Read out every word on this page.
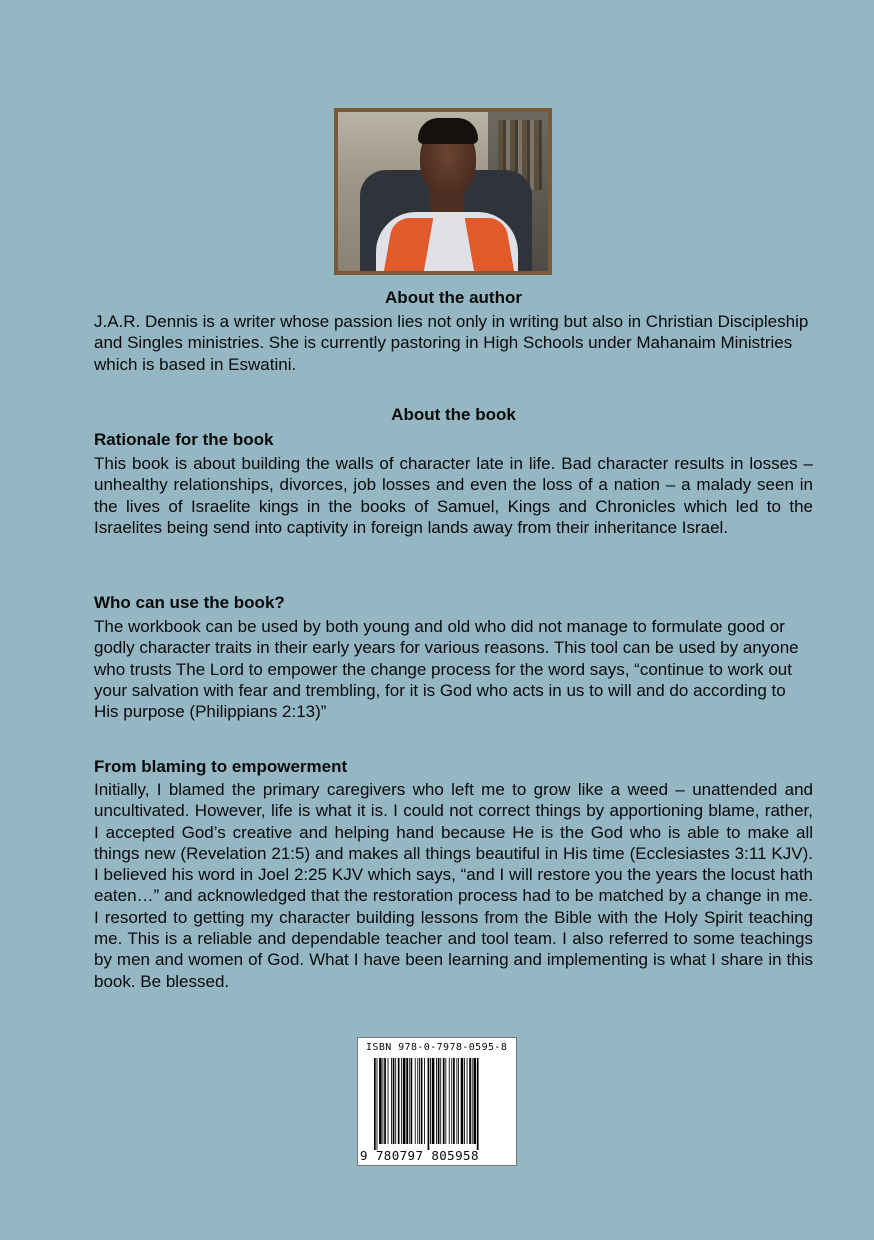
About the author

J.A.R. Dennis is a writer whose passion lies not only in writing but also in Christian Discipleship and Singles ministries. She is currently pastoring in High Schools under Mahanaim Ministries which is based in Eswatini.

About the book
Rationale for the book

This book is about building the walls of character late in life. Bad character results in losses –unhealthy relationships, divorces, job losses and even the loss of a nation – a malady seen in the lives of Israelite kings in the books of Samuel, Kings and Chronicles which led to the Israelites being send into captivity in foreign lands away from their inheritance Israel.

Who can use the book?

The workbook can be used by both young and old who did not manage to formulate good or godly character traits in their early years for various reasons. This tool can be used by anyone who trusts The Lord to empower the change process for the word says, “continue to work out your salvation with fear and trembling, for it is God who acts in us to will and do according to His purpose (Philippians 2:13)”

From blaming to empowerment

Initially, I blamed the primary caregivers who left me to grow like a weed – unattended and uncultivated. However, life is what it is. I could not correct things by apportioning blame, rather, I accepted God’s creative and helping hand because He is the God who is able to make all things new (Revelation 21:5) and makes all things beautiful in His time (Ecclesiastes 3:11 KJV). I believed his word in Joel 2:25 KJV which says, “and I will restore you the years the locust hath eaten…” and acknowledged that the restoration process had to be matched by a change in me. I resorted to getting my character building lessons from the Bible with the Holy Spirit teaching me. This is a reliable and dependable teacher and tool team. I also referred to some teachings by men and women of God. What I have been learning and implementing is what I share in this book. Be blessed.

ISBN 978-0-7978-0595-8
9 780797 805958
